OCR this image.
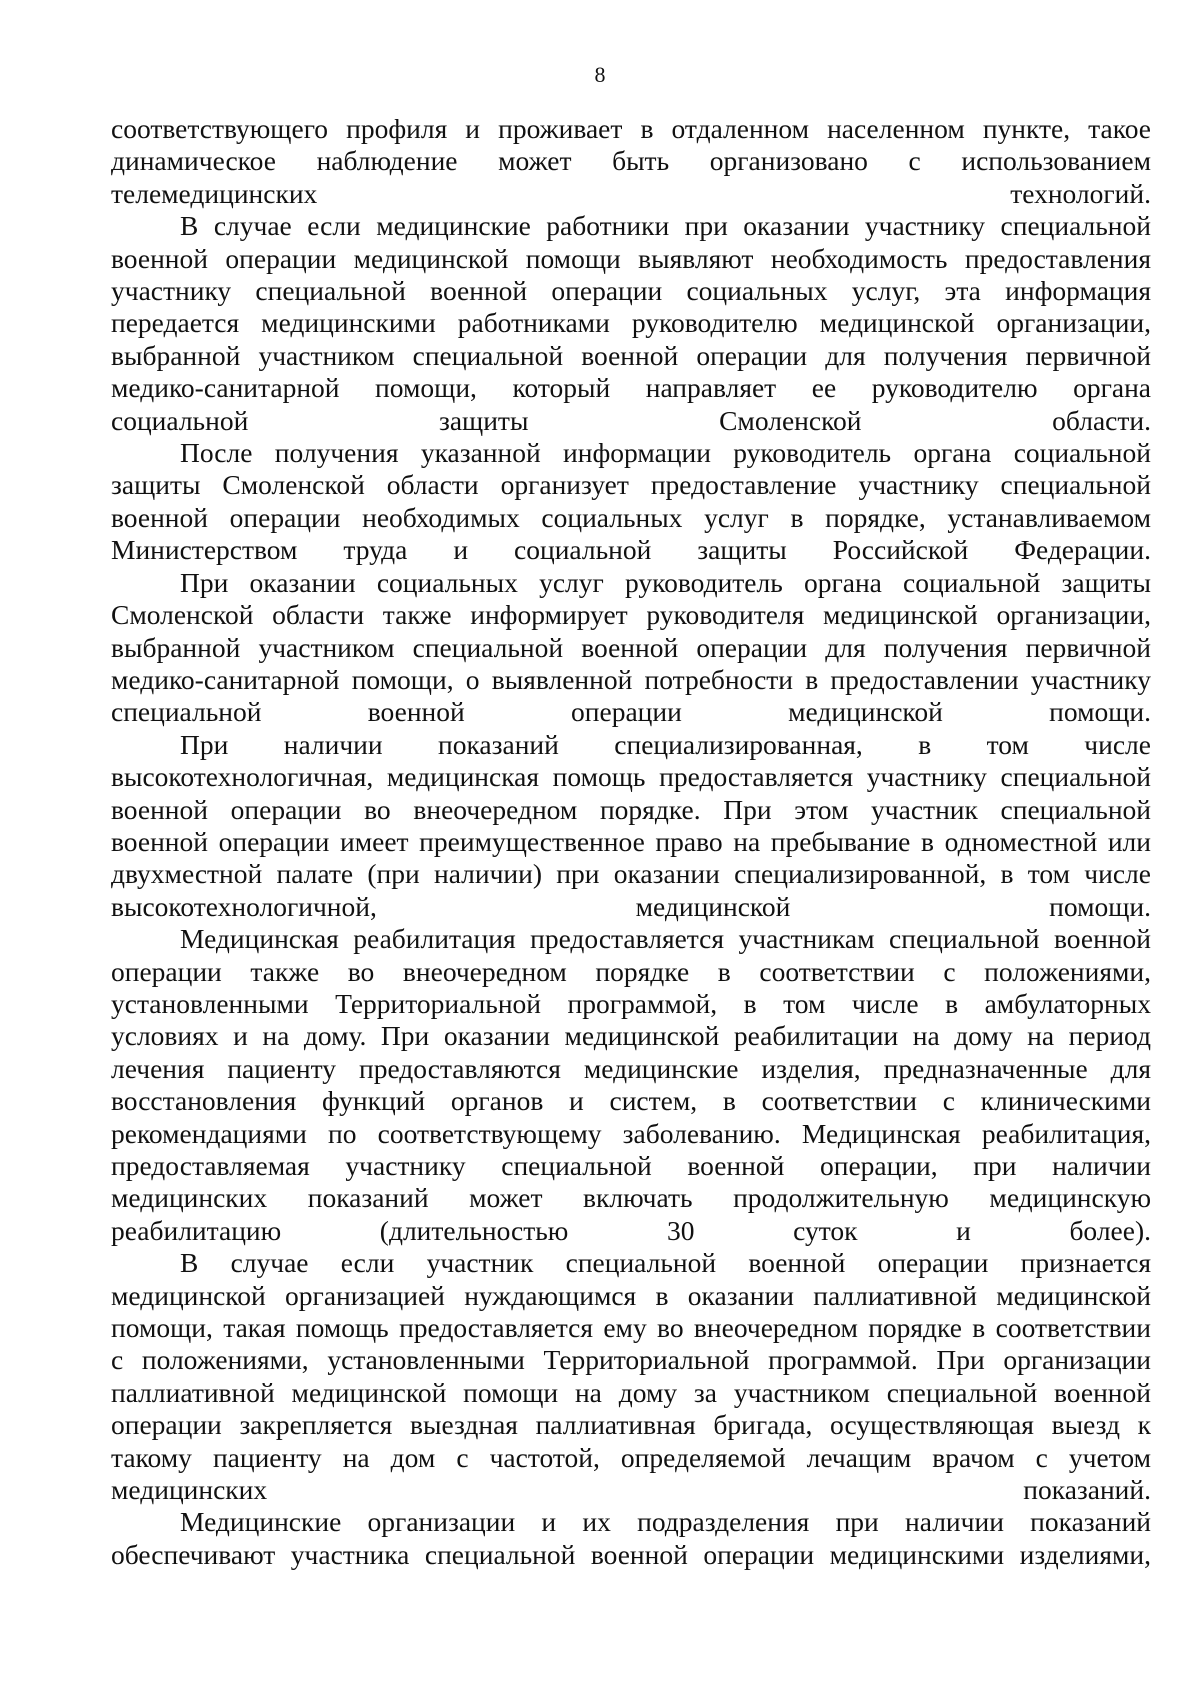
8

соответствующего профиля и проживает в отдаленном населенном пункте, такое
динамическое наблюдение может быть организовано с использованием
телемедицинских технологий.

В случае если медицинские работники при оказании участнику специальной
военной операции медицинской помощи выявляют необходимость предоставления
участнику специальной военной операции социальных услуг, эта информация
передается медицинскими работниками руководителю медицинской организации,
выбранной участником специальной военной операции для получения первичной
медико-санитарной помощи, который направляет ее руководителю органа
социальной защиты Смоленской области.

После получения указанной информации руководитель органа социальной
защиты Смоленской области организует предоставление участнику специальной
военной операции необходимых социальных услуг в порядке, устанавливаемом
Министерством труда и социальной защиты Российской Федерации.

При оказании социальных услуг руководитель органа социальной защиты
Смоленской области также информирует руководителя медицинской организации,
выбранной участником специальной военной операции для получения первичной
медико-санитарной помощи, о выявленной потребности в предоставлении участнику
специальной военной операции медицинской помощи.

При наличии показаний специализированная, в том числе
высокотехнологичная, медицинская помощь предоставляется участнику специальной
военной операции во внеочередном порядке. При этом участник специальной
военной операции имеет преимущественное право на пребывание в одноместной или
двухместной палате (при наличии) при оказании специализированной, в том числе
высокотехнологичной, медицинской помощи.

Медицинская реабилитация предоставляется участникам специальной военной
операции также во внеочередном порядке в соответствии с положениями,
установленными Территориальной программой, в том числе в амбулаторных
условиях и на дому. При оказании медицинской реабилитации на дому на период
лечения пациенту предоставляются медицинские изделия, предназначенные для
восстановления функций органов и систем, в соответствии с клиническими
рекомендациями по соответствующему заболеванию. Медицинская реабилитация,
предоставляемая участнику специальной военной операции, при наличии
медицинских показаний может включать продолжительную медицинскую
реабилитацию (длительностью 30 суток и более).

В случае если участник специальной военной операции признается
медицинской организацией нуждающимся в оказании паллиативной медицинской
помощи, такая помощь предоставляется ему во внеочередном порядке в соответствии
с положениями, установленными Территориальной программой. При организации
паллиативной медицинской помощи на дому за участником специальной военной
операции закрепляется выездная паллиативная бригада, осуществляющая выезд к
такому пациенту на дом с частотой, определяемой лечащим врачом с учетом
медицинских показаний.

Медицинские организации и их подразделения при наличии показаний
обеспечивают участника специальной военной операции медицинскими изделиями,
